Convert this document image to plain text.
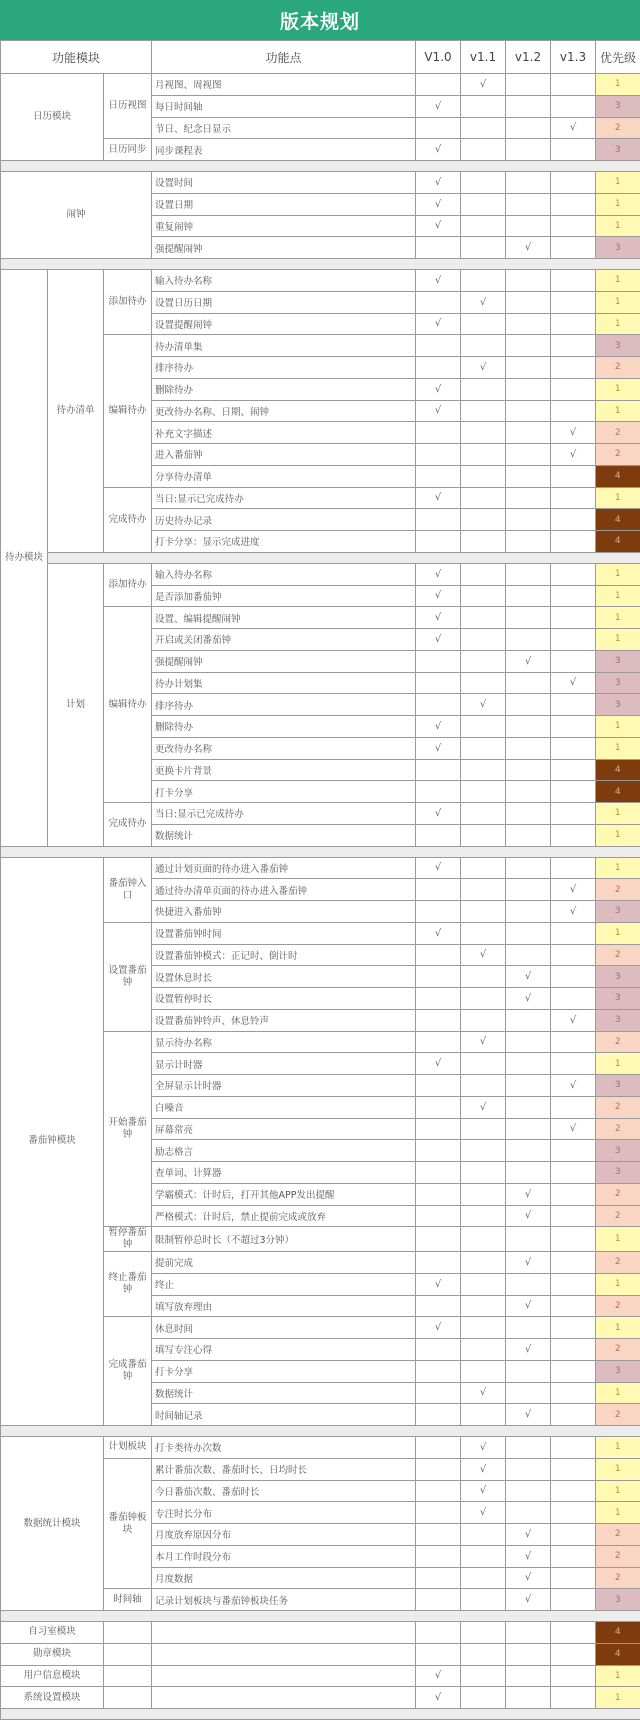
版本规划
功能模块			功能点	V1.0	v1.1	v1.2	v1.3	优先级
日历模块		日历视图	月视图、周视图		√			1
			每日时间轴	√				3
			节日、纪念日显示				√	2
		日历同步	同步课程表	√				3

闹钟			设置时间	√				1
			设置日期	√				1
			重复闹钟	√				1
			强提醒闹钟			√		3

待办模块	待办清单	添加待办	输入待办名称	√				1
			设置日历日期		√			1
			设置提醒闹钟	√				1
		编辑待办	待办清单集					3
			排序待办		√			2
			删除待办	√				1
			更改待办名称、日期、闹钟	√				1
			补充文字描述				√	2
			进入番茄钟				√	2
			分享待办清单					4
		完成待办	当日:显示已完成待办	√				1
			历史待办记录					4
			打卡分享：显示完成进度					4

	计划	添加待办	输入待办名称	√				1
			是否添加番茄钟	√				1
		编辑待办	设置、编辑提醒闹钟	√				1
			开启或关闭番茄钟	√				1
			强提醒闹钟			√		3
			待办计划集				√	3
			排序待办		√			3
			删除待办	√				1
			更改待办名称	√				1
			更换卡片背景					4
			打卡分享					4
		完成待办	当日:显示已完成待办	√				1
			数据统计					1

番茄钟模块		番茄钟入口	通过计划页面的待办进入番茄钟	√				1
			通过待办清单页面的待办进入番茄钟				√	2
			快捷进入番茄钟				√	3
		设置番茄钟	设置番茄钟时间	√				1
			设置番茄钟模式：正记时、倒计时		√			2
			设置休息时长			√		3
			设置暂停时长			√		3
			设置番茄钟铃声、休息铃声				√	3
		开始番茄钟	显示待办名称		√			2
			显示计时器	√				1
			全屏显示计时器				√	3
			白噪音		√			2
			屏幕常亮				√	2
			励志格言					3
			查单词、计算器					3
			学霸模式：计时后，打开其他APP发出提醒			√		2
			严格模式：计时后，禁止提前完成或放弃			√		2
		暂停番茄钟	限制暂停总时长（不超过3分钟）					1
		终止番茄钟	提前完成			√		2
			终止	√				1
			填写放弃理由			√		2
		完成番茄钟	休息时间	√				1
			填写专注心得			√		2
			打卡分享					3
			数据统计		√			1
			时间轴记录			√		2

数据统计模块		计划板块	打卡类待办次数		√			1
		番茄钟板块	累计番茄次数、番茄时长、日均时长		√			1
			今日番茄次数、番茄时长		√			1
			专注时长分布		√			1
			月度放弃原因分布			√		2
			本月工作时段分布			√		2
			月度数据			√		2
		时间轴	记录计划板块与番茄钟板块任务			√		3

自习室模块								4
勋章模块								4
用户信息模块				√				1
系统设置模块				√				1
